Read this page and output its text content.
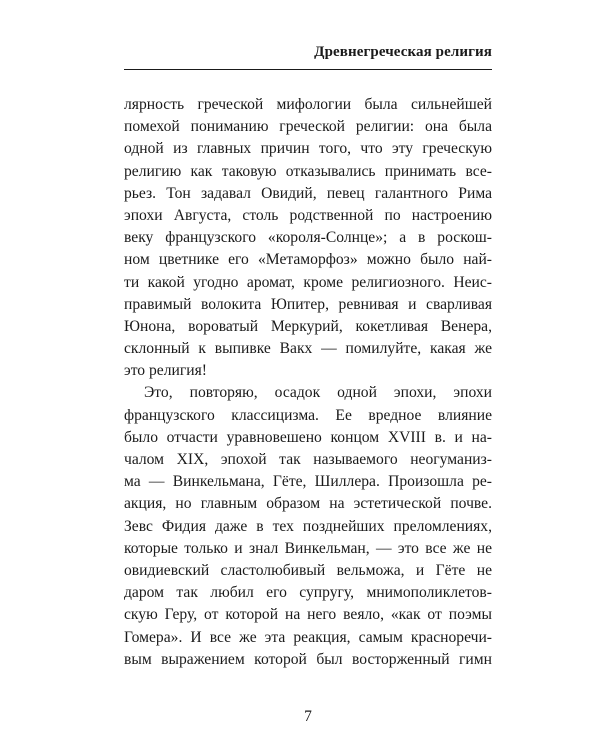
Древнегреческая религия
лярность греческой мифологии была сильнейшей
помехой пониманию греческой религии: она была
одной из главных причин того, что эту греческую
религию как таковую отказывались принимать все-
рьез. Тон задавал Овидий, певец галантного Рима
эпохи Августа, столь родственной по настроению
веку французского «короля-Солнце»; а в роскош-
ном цветнике его «Метаморфоз» можно было най-
ти какой угодно аромат, кроме религиозного. Неис-
правимый волокита Юпитер, ревнивая и сварливая
Юнона, вороватый Меркурий, кокетливая Венера,
склонный к выпивке Вакх — помилуйте, какая же
это религия!
Это, повторяю, осадок одной эпохи, эпохи
французского классицизма. Ее вредное влияние
было отчасти уравновешено концом XVIII в. и на-
чалом XIX, эпохой так называемого неогуманиз-
ма — Винкельмана, Гёте, Шиллера. Произошла ре-
акция, но главным образом на эстетической почве.
Зевс Фидия даже в тех позднейших преломлениях,
которые только и знал Винкельман, — это все же не
овидиевский сластолюбивый вельможа, и Гёте не
даром так любил его супругу, мнимополиклетов-
скую Геру, от которой на него веяло, «как от поэмы
Гомера». И все же эта реакция, самым красноречи-
вым выражением которой был восторженный гимн
7
